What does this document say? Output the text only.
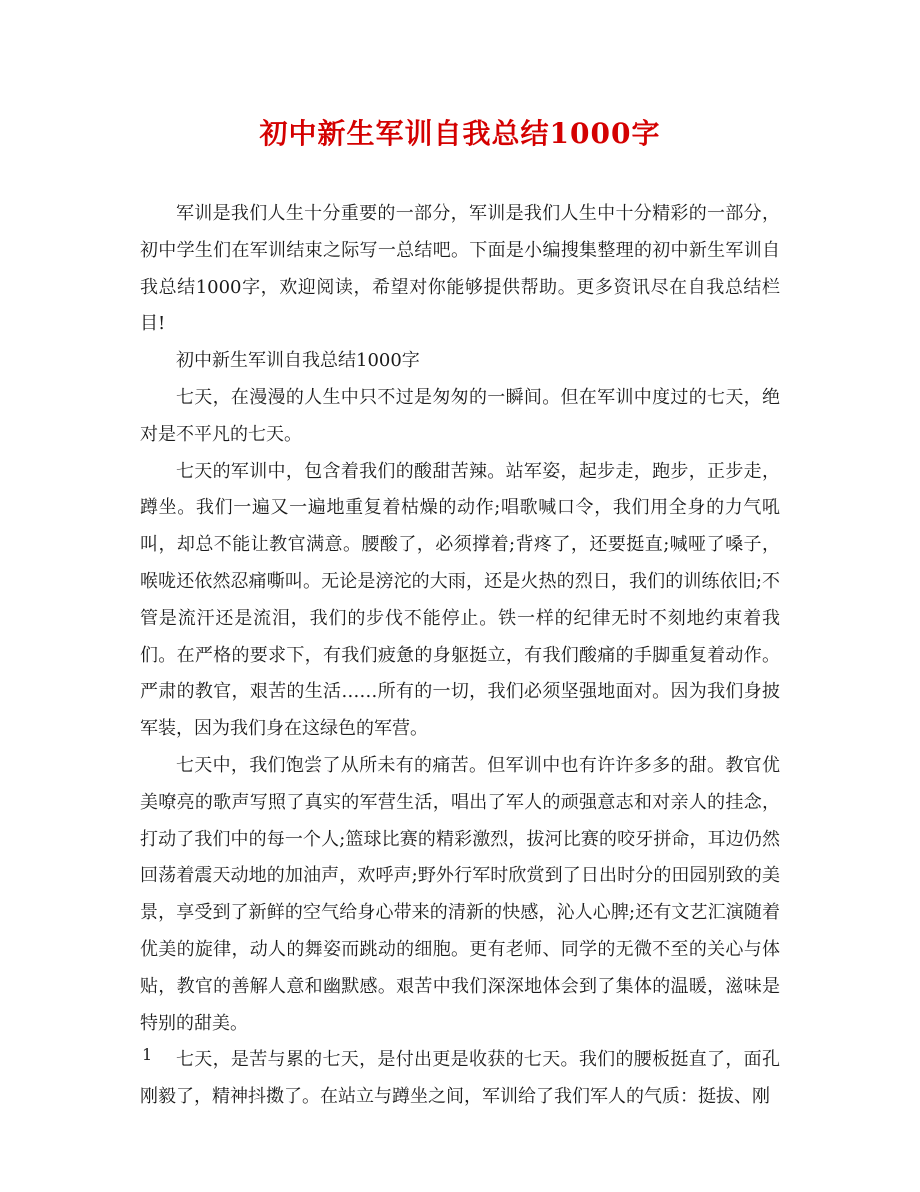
初中新生军训自我总结1000字

军训是我们人生十分重要的一部分，军训是我们人生中十分精彩的一部分，初中学生们在军训结束之际写一总结吧。下面是小编搜集整理的初中新生军训自我总结1000字，欢迎阅读，希望对你能够提供帮助。更多资讯尽在自我总结栏目!

初中新生军训自我总结1000字

七天，在漫漫的人生中只不过是匆匆的一瞬间。但在军训中度过的七天，绝对是不平凡的七天。

七天的军训中，包含着我们的酸甜苦辣。站军姿，起步走，跑步，正步走，蹲坐。我们一遍又一遍地重复着枯燥的动作;唱歌喊口令，我们用全身的力气吼叫，却总不能让教官满意。腰酸了，必须撑着;背疼了，还要挺直;喊哑了嗓子，喉咙还依然忍痛嘶叫。无论是滂沱的大雨，还是火热的烈日，我们的训练依旧;不管是流汗还是流泪，我们的步伐不能停止。铁一样的纪律无时不刻地约束着我们。在严格的要求下，有我们疲惫的身躯挺立，有我们酸痛的手脚重复着动作。严肃的教官，艰苦的生活……所有的一切，我们必须坚强地面对。因为我们身披军装，因为我们身在这绿色的军营。

七天中，我们饱尝了从所未有的痛苦。但军训中也有许许多多的甜。教官优美嘹亮的歌声写照了真实的军营生活，唱出了军人的顽强意志和对亲人的挂念，打动了我们中的每一个人;篮球比赛的精彩激烈，拔河比赛的咬牙拼命，耳边仍然回荡着震天动地的加油声，欢呼声;野外行军时欣赏到了日出时分的田园别致的美景，享受到了新鲜的空气给身心带来的清新的快感，沁人心脾;还有文艺汇演随着优美的旋律，动人的舞姿而跳动的细胞。更有老师、同学的无微不至的关心与体贴，教官的善解人意和幽默感。艰苦中我们深深地体会到了集体的温暖，滋味是特别的甜美。

七天，是苦与累的七天，是付出更是收获的七天。我们的腰板挺直了，面孔刚毅了，精神抖擞了。在站立与蹲坐之间，军训给了我们军人的气质：挺拔、刚

1
